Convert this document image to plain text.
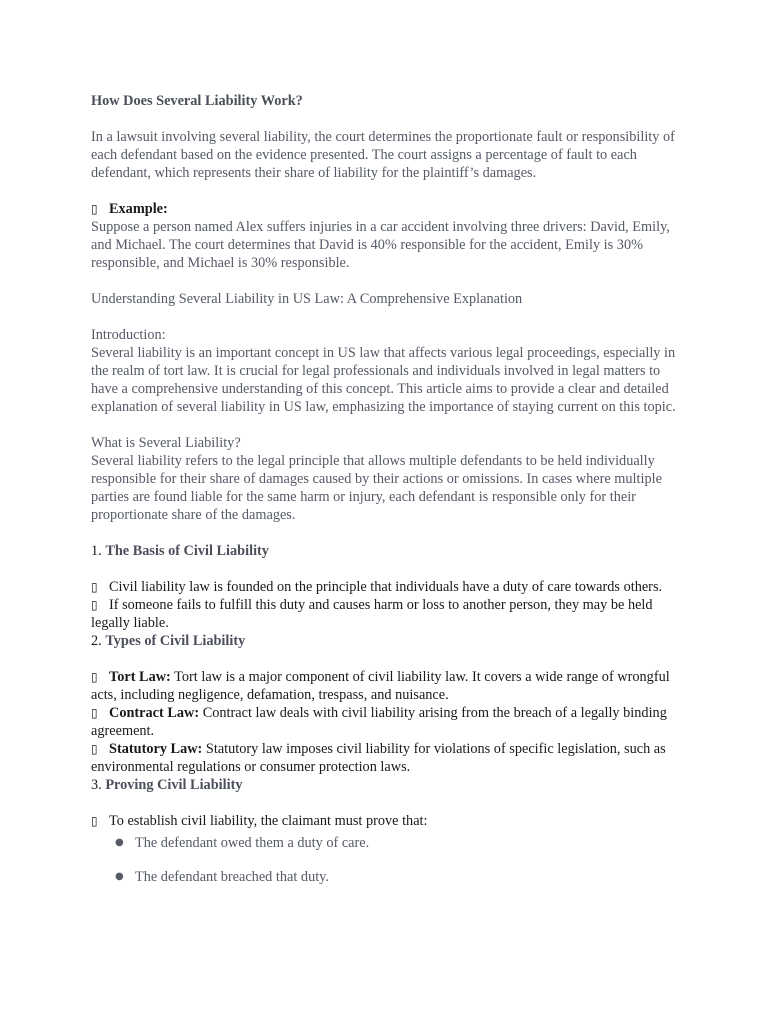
How Does Several Liability Work?
In a lawsuit involving several liability, the court determines the proportionate fault or responsibility of each defendant based on the evidence presented. The court assigns a percentage of fault to each defendant, which represents their share of liability for the plaintiff’s damages.
▯ Example:
Suppose a person named Alex suffers injuries in a car accident involving three drivers: David, Emily, and Michael. The court determines that David is 40% responsible for the accident, Emily is 30% responsible, and Michael is 30% responsible.
Understanding Several Liability in US Law: A Comprehensive Explanation
Introduction:
Several liability is an important concept in US law that affects various legal proceedings, especially in the realm of tort law. It is crucial for legal professionals and individuals involved in legal matters to have a comprehensive understanding of this concept. This article aims to provide a clear and detailed explanation of several liability in US law, emphasizing the importance of staying current on this topic.
What is Several Liability?
Several liability refers to the legal principle that allows multiple defendants to be held individually responsible for their share of damages caused by their actions or omissions. In cases where multiple parties are found liable for the same harm or injury, each defendant is responsible only for their proportionate share of the damages.
1. The Basis of Civil Liability
▯ Civil liability law is founded on the principle that individuals have a duty of care towards others.
▯ If someone fails to fulfill this duty and causes harm or loss to another person, they may be held legally liable.
2. Types of Civil Liability
▯ Tort Law: Tort law is a major component of civil liability law. It covers a wide range of wrongful acts, including negligence, defamation, trespass, and nuisance.
▯ Contract Law: Contract law deals with civil liability arising from the breach of a legally binding agreement.
▯ Statutory Law: Statutory law imposes civil liability for violations of specific legislation, such as environmental regulations or consumer protection laws.
3. Proving Civil Liability
▯ To establish civil liability, the claimant must prove that:
● The defendant owed them a duty of care.
● The defendant breached that duty.
